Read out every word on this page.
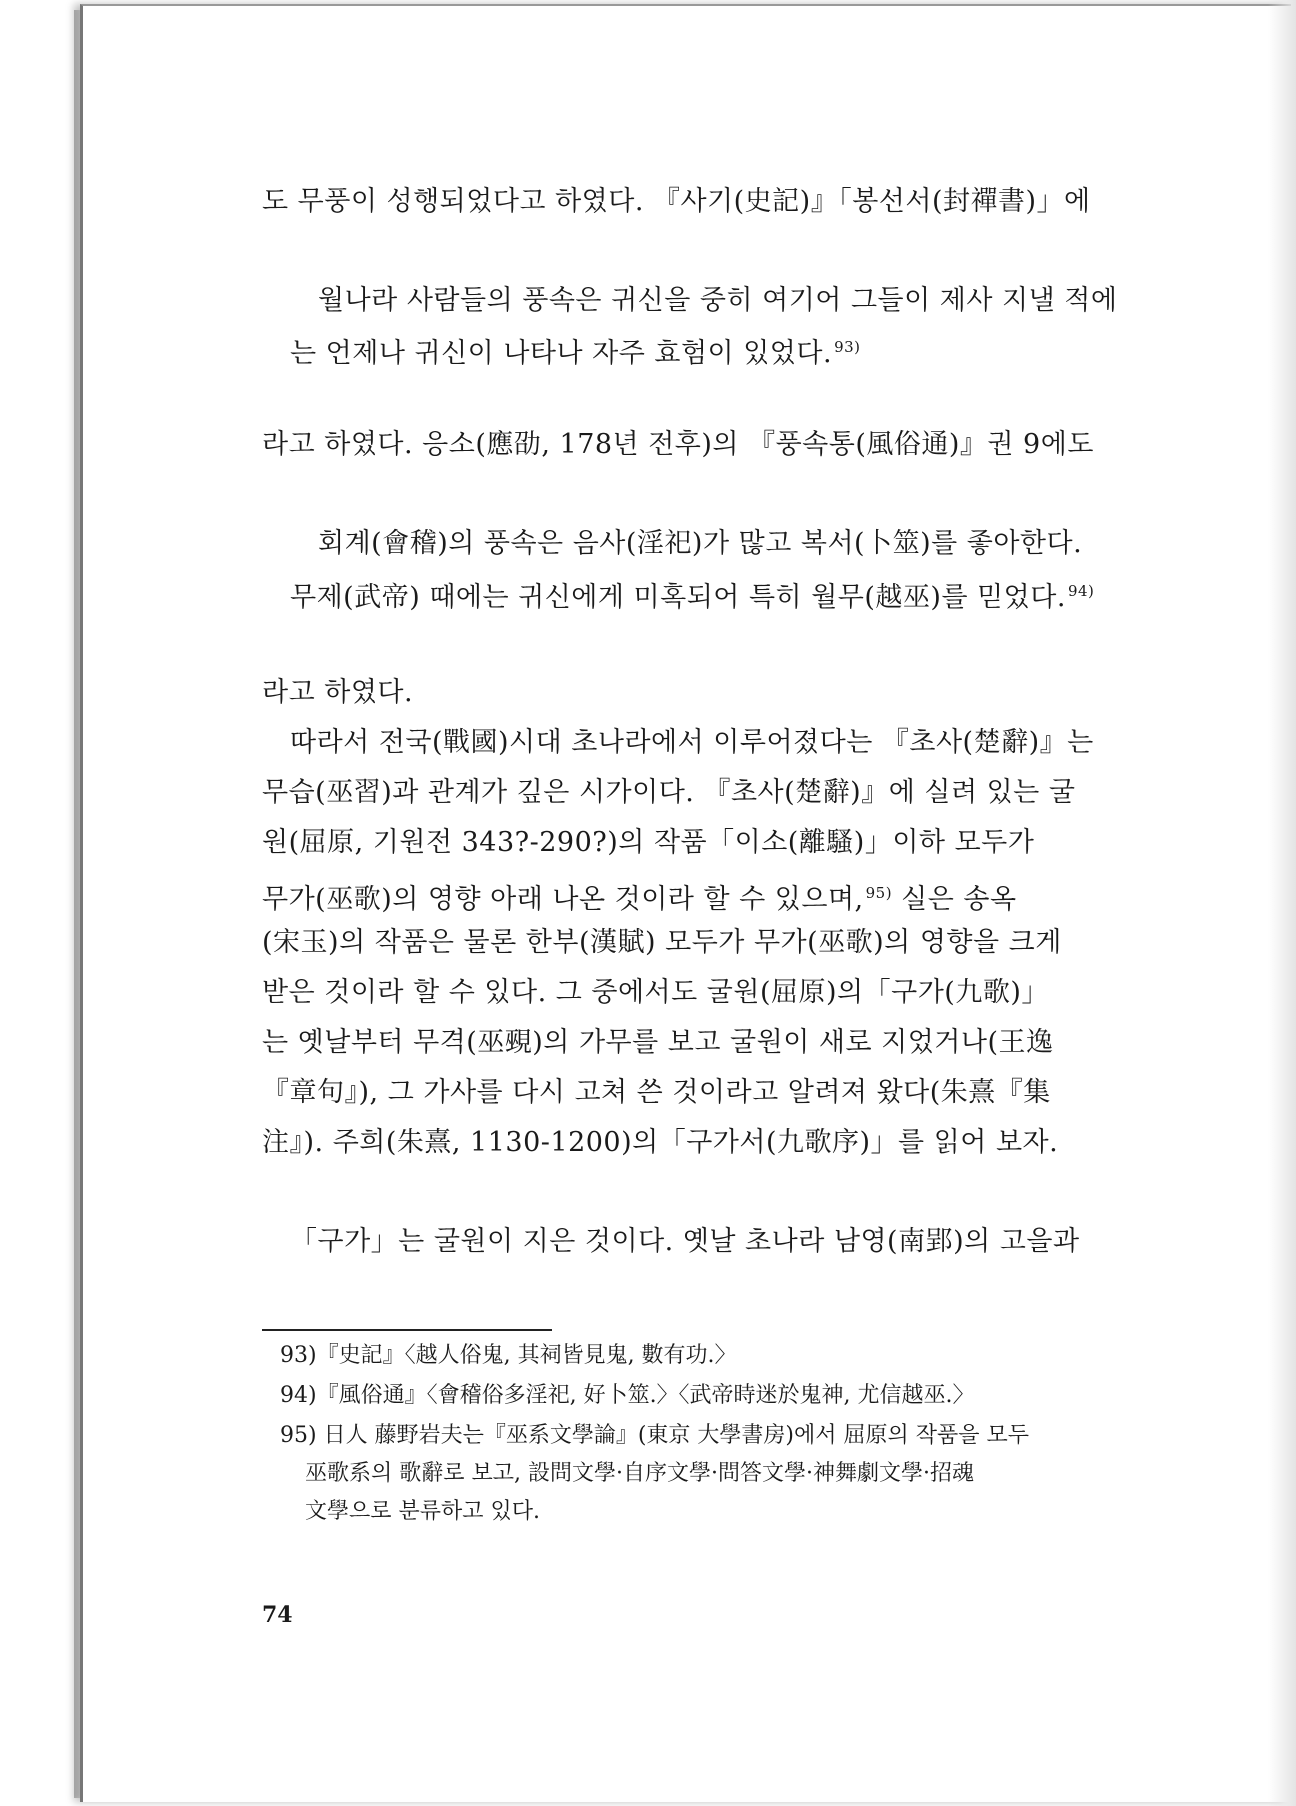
도 무풍이 성행되었다고 하였다. 『사기(史記)』「봉선서(封禪書)」에
월나라 사람들의 풍속은 귀신을 중히 여기어 그들이 제사 지낼 적에
는 언제나 귀신이 나타나 자주 효험이 있었다. $^{93)}$
라고 하였다. 응소(應劭, 178년 전후)의 『풍속통(風俗通)』권 9에도
회계(會稽)의 풍속은 음사(淫祀)가 많고 복서(卜筮)를 좋아한다.
무제(武帝) 때에는 귀신에게 미혹되어 특히 월무(越巫)를 믿었다. $^{94)}$
라고 하였다.
따라서 전국(戰國)시대 초나라에서 이루어졌다는 『초사(楚辭)』는
무습(巫習)과 관계가 깊은 시가이다. 『초사(楚辭)』에 실려 있는 굴
원(屈原, 기원전 343?-290?)의 작품「이소(離騷)」이하 모두가
무가(巫歌)의 영향 아래 나온 것이라 할 수 있으며, $^{95)}$ 실은 송옥
(宋玉)의 작품은 물론 한부(漢賦) 모두가 무가(巫歌)의 영향을 크게
받은 것이라 할 수 있다. 그 중에서도 굴원(屈原)의「구가(九歌)」
는 옛날부터 무격(巫覡)의 가무를 보고 굴원이 새로 지었거나(王逸
『章句』), 그 가사를 다시 고쳐 쓴 것이라고 알려져 왔다(朱熹『集
注』). 주희(朱熹, 1130-1200)의「구가서(九歌序)」를 읽어 보자.
「구가」는 굴원이 지은 것이다. 옛날 초나라 남영(南郢)의 고을과
93)『史記』〈越人俗鬼, 其祠皆見鬼, 數有功.〉
94)『風俗通』〈會稽俗多淫祀, 好卜筮.〉〈武帝時迷於鬼神, 尤信越巫.〉
95) 日人 藤野岩夫는『巫系文學論』(東京 大學書房)에서 屈原의 작품을 모두
巫歌系의 歌辭로 보고, 設問文學·自序文學·問答文學·神舞劇文學·招魂
文學으로 분류하고 있다.
74
